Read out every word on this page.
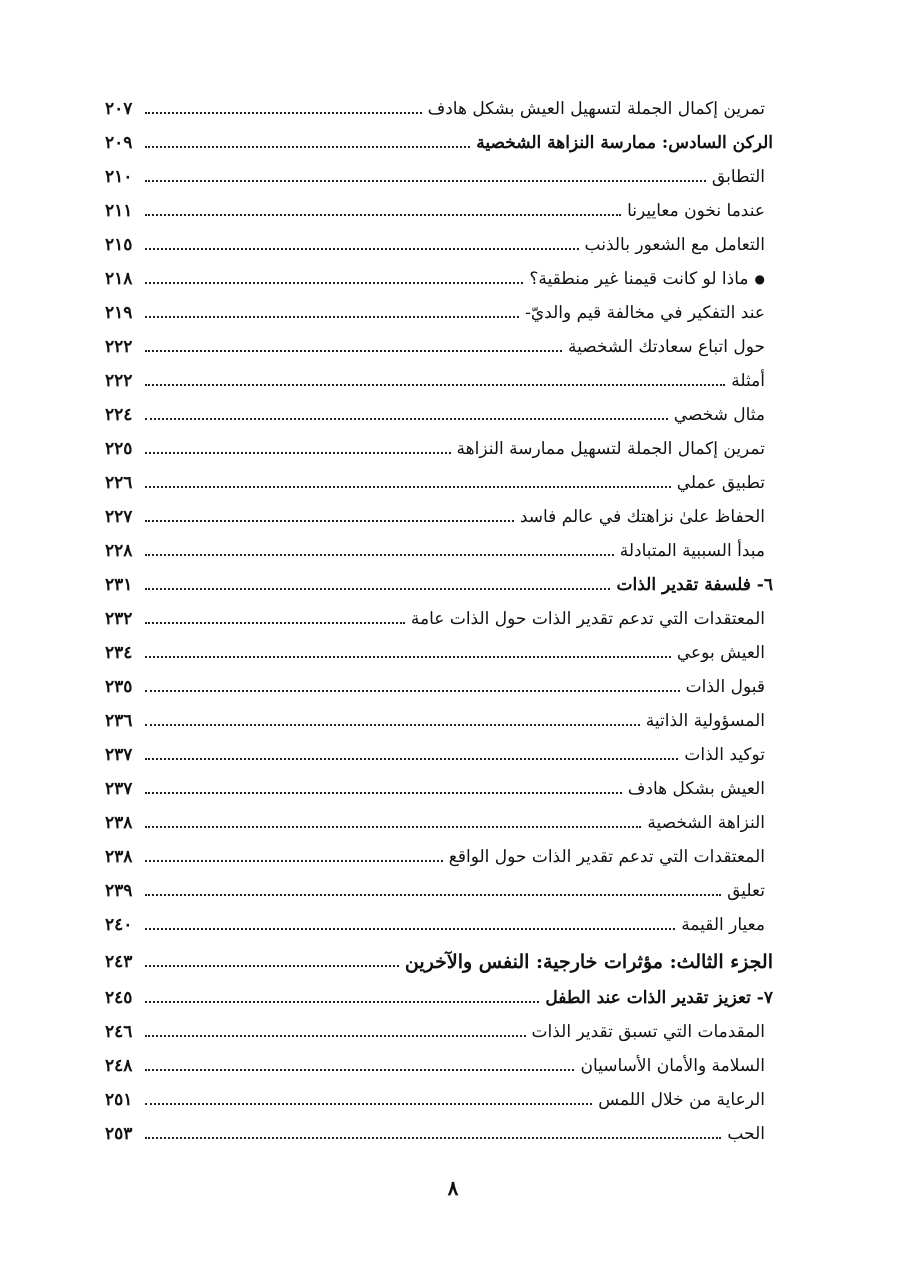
تمرين إكمال الجملة لتسهيل العيش بشكل هادف
٢٠٧
الركن السادس: ممارسة النزاهة الشخصية
٢٠٩
التطابق
٢١٠
عندما نخون معاييرنا
٢١١
التعامل مع الشعور بالذنب
٢١٥
●
ماذا لو كانت قيمنا غير منطقية؟
٢١٨
عند التفكير في مخالفة قيم والديّ-
٢١٩
حول اتباع سعادتك الشخصية
٢٢٢
أمثلة
٢٢٢
مثال شخصي
٢٢٤
تمرين إكمال الجملة لتسهيل ممارسة النزاهة
٢٢٥
تطبيق عملي
٢٢٦
الحفاظ علىٰ نزاهتك في عالم فاسد
٢٢٧
مبدأ السببية المتبادلة
٢٢٨
٦- فلسفة تقدير الذات
٢٣١
المعتقدات التي تدعم تقدير الذات حول الذات عامة
٢٣٢
العيش بوعي
٢٣٤
قبول الذات
٢٣٥
المسؤولية الذاتية
٢٣٦
توكيد الذات
٢٣٧
العيش بشكل هادف
٢٣٧
النزاهة الشخصية
٢٣٨
المعتقدات التي تدعم تقدير الذات حول الواقع
٢٣٨
تعليق
٢٣٩
معيار القيمة
٢٤٠
الجزء الثالث: مؤثرات خارجية: النفس والآخرين
٢٤٣
٧- تعزيز تقدير الذات عند الطفل
٢٤٥
المقدمات التي تسبق تقدير الذات
٢٤٦
السلامة والأمان الأساسيان
٢٤٨
الرعاية من خلال اللمس
٢٥١
الحب
٢٥٣
٨
